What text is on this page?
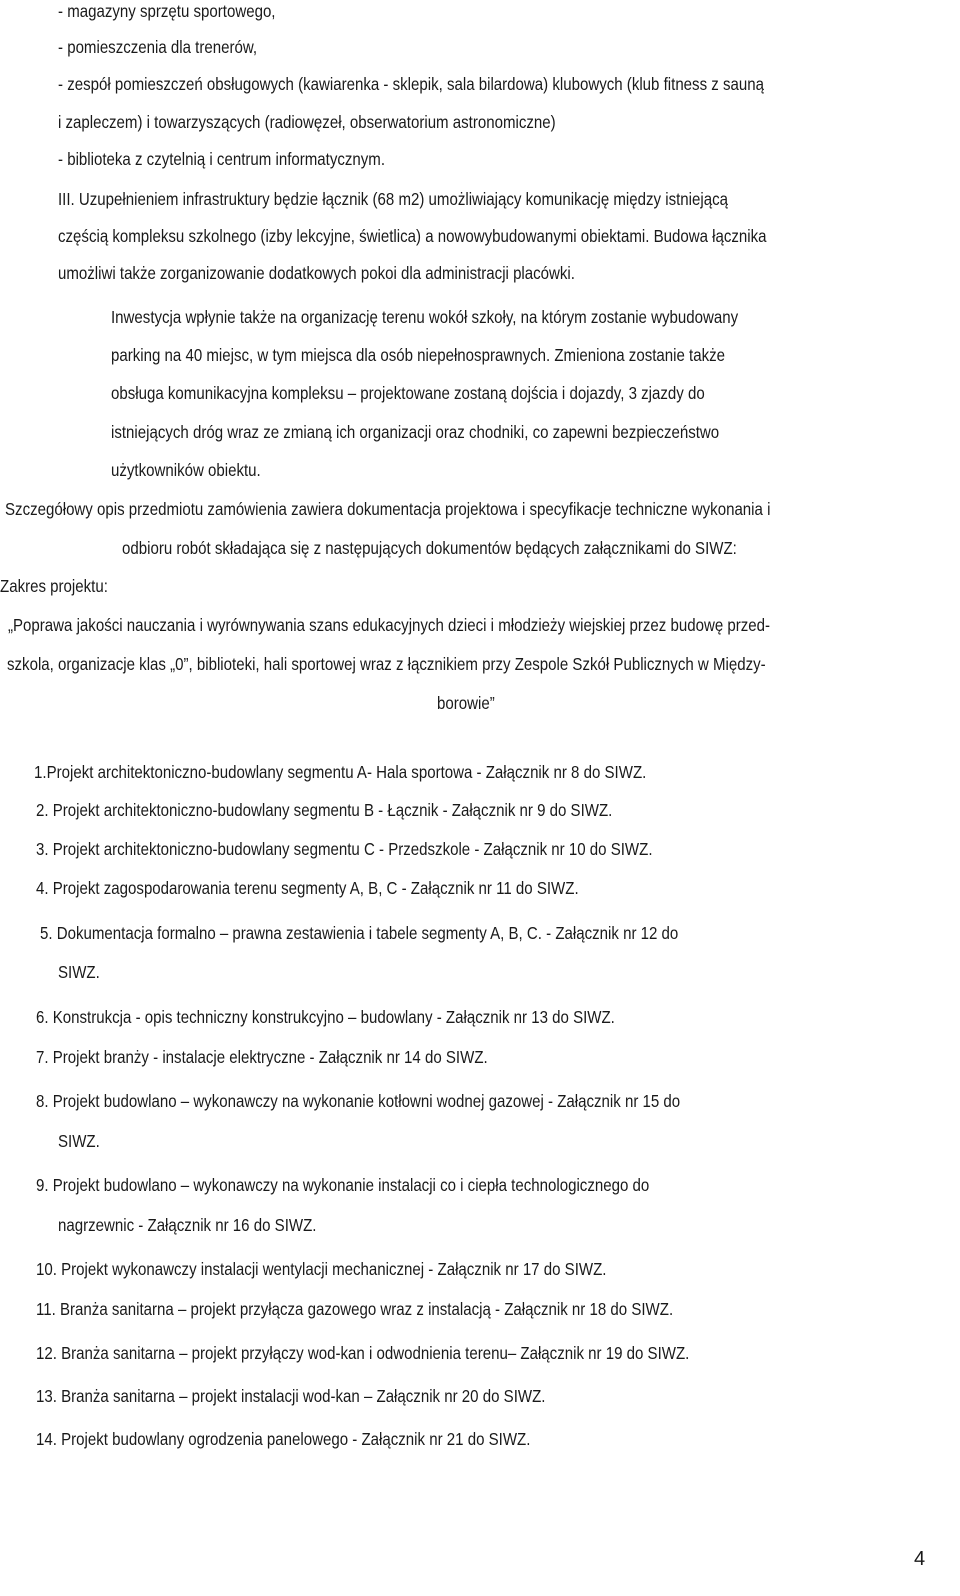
- magazyny sprzętu sportowego,

- pomieszczenia dla trenerów,

- zespół pomieszczeń obsługowych (kawiarenka - sklepik, sala bilardowa) klubowych (klub fitness z sauną

i zapleczem) i towarzyszących (radiowęzeł, obserwatorium astronomiczne)

- biblioteka z czytelnią i centrum informatycznym.

III. Uzupełnieniem infrastruktury będzie łącznik (68 m2) umożliwiający komunikację między istniejącą

częścią kompleksu szkolnego (izby lekcyjne, świetlica) a nowowybudowanymi obiektami. Budowa łącznika

umożliwi także zorganizowanie dodatkowych pokoi dla administracji placówki.

Inwestycja wpłynie także na organizację terenu wokół szkoły, na którym zostanie wybudowany

parking na 40 miejsc, w tym miejsca dla osób niepełnosprawnych. Zmieniona zostanie także

obsługa komunikacyjna kompleksu – projektowane zostaną dojścia i dojazdy, 3 zjazdy do

istniejących dróg wraz ze zmianą ich organizacji oraz chodniki, co zapewni bezpieczeństwo

użytkowników obiektu.

Szczegółowy opis przedmiotu zamówienia zawiera dokumentacja projektowa i specyfikacje techniczne wykonania i

odbioru robót składająca się z następujących dokumentów będących załącznikami do SIWZ:

Zakres projektu:

„Poprawa jakości nauczania i wyrównywania szans edukacyjnych dzieci i młodzieży wiejskiej przez budowę przed-

szkola, organizacje klas „0”, biblioteki, hali sportowej wraz z łącznikiem przy Zespole Szkół Publicznych w Między-

borowie”

1.Projekt architektoniczno-budowlany segmentu A- Hala sportowa - Załącznik nr 8 do SIWZ.

2. Projekt architektoniczno-budowlany segmentu B - Łącznik - Załącznik nr 9 do SIWZ.

3. Projekt architektoniczno-budowlany segmentu C - Przedszkole - Załącznik nr 10 do SIWZ.

4. Projekt zagospodarowania terenu segmenty A, B, C - Załącznik nr 11 do SIWZ.

5. Dokumentacja formalno – prawna zestawienia i tabele segmenty A, B, C. - Załącznik nr 12 do

SIWZ.

6. Konstrukcja - opis techniczny konstrukcyjno – budowlany - Załącznik nr 13 do SIWZ.

7. Projekt branży - instalacje elektryczne - Załącznik nr 14 do SIWZ.

8. Projekt budowlano – wykonawczy na wykonanie kotłowni wodnej gazowej - Załącznik nr 15 do

SIWZ.

9. Projekt budowlano – wykonawczy na wykonanie instalacji co i ciepła technologicznego do

nagrzewnic - Załącznik nr 16 do SIWZ.

10. Projekt wykonawczy instalacji wentylacji mechanicznej - Załącznik nr 17 do SIWZ.

11. Branża sanitarna – projekt przyłącza gazowego wraz z instalacją - Załącznik nr 18 do SIWZ.

12. Branża sanitarna – projekt przyłączy wod-kan i odwodnienia terenu– Załącznik nr 19 do SIWZ.

13. Branża sanitarna – projekt instalacji wod-kan – Załącznik nr 20 do SIWZ.

14. Projekt budowlany ogrodzenia panelowego - Załącznik nr 21 do SIWZ.

4
